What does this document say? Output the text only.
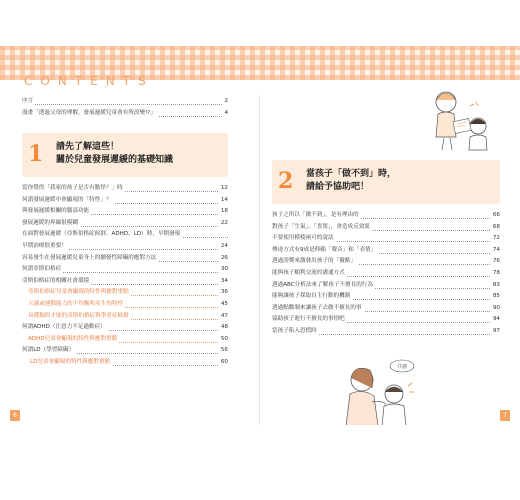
CONTENTS
序言	2
漫畫「透過父母的理解，發展遲緩兒童會有所改變!?」	4
1 請先了解這些！
關於兒童發展遲緩的基礎知識
當你覺得「我家的孩子是否有點怪？」時	12
何謂發展遲緩中會顯現的「特性」？	14
與發展遲緩相關的腦部功能	18
發展遲緩的界線很模糊	22
在面對發展遲緩（亞斯伯格症候群、ADHD、LD）時，早期發現
早期治療很重要！	24
容易發生在發展遲緩兒童身上的續發性障礙的應對方法	26
何謂亞斯伯格症	30
亞斯伯格症的相關社會環境	34
亞斯伯格症兒童會顯現的特性與應對重點	36
五感或運動能力的不均衡所產生的特性	45
具備類似才能的亞斯伯格症與學者症候群	47
何謂ADHD（注意力不足過動症）	48
ADHD兒童會顯現的特性與應對重點	50
何謂LD（學習障礙）	56
LD兒童會顯現的特性與應對重點	60
2 當孩子「做不到」時，
請給予協助吧！
孩子之所以「做不到」，是有理由的	66
對孩子「生氣」、「責罵」，會造成反效果	68
不要使用模棱兩可的說法	72
傳達方式有9成是仰賴「聲音」和「表情」	74
透過誇獎來激發出孩子的「優點」	76
能與孩子順利交流的溝通方式	78
透過ABC分析法來了解孩子不擅長的行為	83
能夠讓孩子採取自主行動的機制	85
透過點數制來讓孩子去做不擅長的事	90
協助孩子進行不擅長的事情吧	94
當孩子陷入恐慌時	97
共感
6	7
